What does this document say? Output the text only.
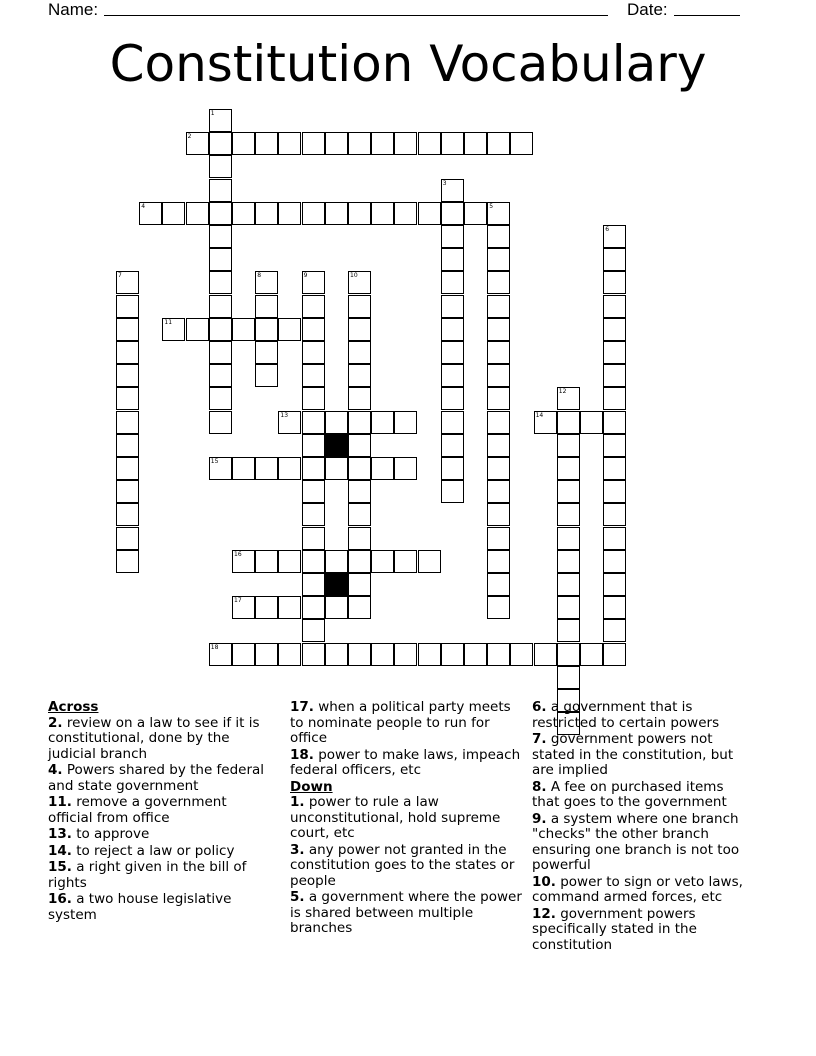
Name:	Date:
Constitution Vocabulary
1
2
3
4	5
6
7	8	9	10
11
12
13	14
15
16
17
18
Across
2. review on a law to see if it is constitutional, done by the judicial branch
4. Powers shared by the federal and state government
11. remove a government official from office
13. to approve
14. to reject a law or policy
15. a right given in the bill of rights
16. a two house legislative system
17. when a political party meets to nominate people to run for office
18. power to make laws, impeach federal officers, etc
Down
1. power to rule a law unconstitutional, hold supreme court, etc
3. any power not granted in the constitution goes to the states or people
5. a government where the power is shared between multiple branches
6. a government that is restricted to certain powers
7. government powers not stated in the constitution, but are implied
8. A fee on purchased items that goes to the government
9. a system where one branch "checks" the other branch ensuring one branch is not too powerful
10. power to sign or veto laws, command armed forces, etc
12. government powers specifically stated in the constitution
